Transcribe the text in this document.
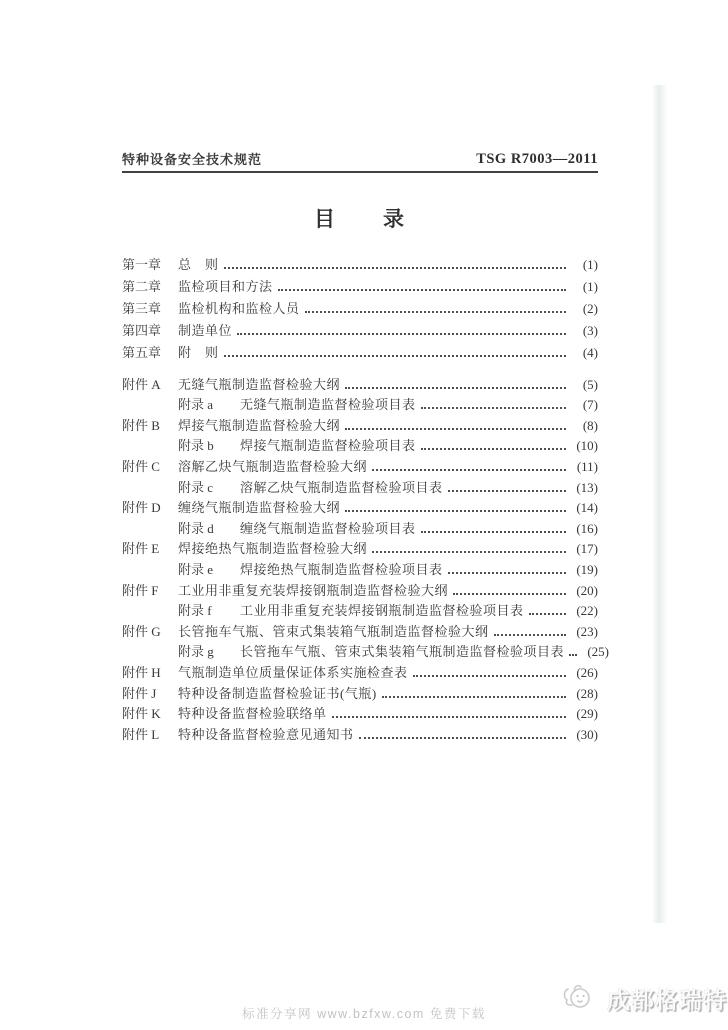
特种设备安全技术规范	TSG R7003—2011
目　　录
第一章	总　则	(1)
第二章	监检项目和方法	(1)
第三章	监检机构和监检人员	(2)
第四章	制造单位	(3)
第五章	附　则	(4)
附件 A	无缝气瓶制造监督检验大纲	(5)
附录 a	无缝气瓶制造监督检验项目表	(7)
附件 B	焊接气瓶制造监督检验大纲	(8)
附录 b	焊接气瓶制造监督检验项目表	(10)
附件 C	溶解乙炔气瓶制造监督检验大纲	(11)
附录 c	溶解乙炔气瓶制造监督检验项目表	(13)
附件 D	缠绕气瓶制造监督检验大纲	(14)
附录 d	缠绕气瓶制造监督检验项目表	(16)
附件 E	焊接绝热气瓶制造监督检验大纲	(17)
附录 e	焊接绝热气瓶制造监督检验项目表	(19)
附件 F	工业用非重复充装焊接钢瓶制造监督检验大纲	(20)
附录 f	工业用非重复充装焊接钢瓶制造监督检验项目表	(22)
附件 G	长管拖车气瓶、管束式集装箱气瓶制造监督检验大纲	(23)
附录 g	长管拖车气瓶、管束式集装箱气瓶制造监督检验项目表	(25)
附件 H	气瓶制造单位质量保证体系实施检查表	(26)
附件 J	特种设备制造监督检验证书(气瓶)	(28)
附件 K	特种设备监督检验联络单	(29)
附件 L	特种设备监督检验意见通知书	(30)
成都格瑞特
标准分享网 www.bzfxw.com 免费下载
